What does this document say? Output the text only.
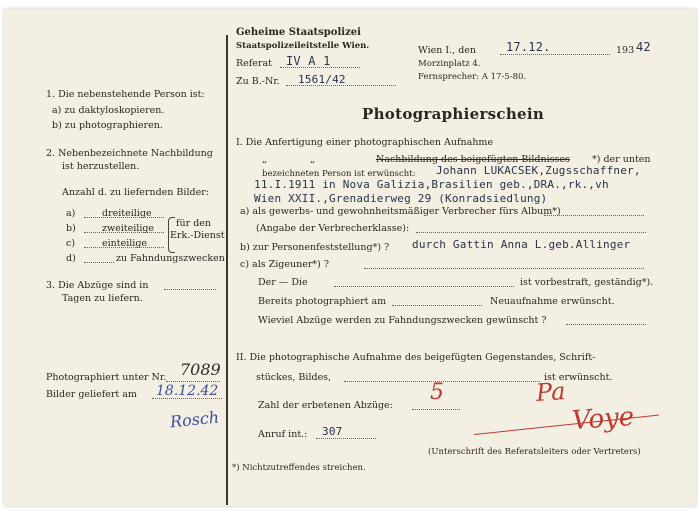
1. Die nebenstehende Person ist:
a) zu daktyloskopieren.
b) zu photographieren.
2. Nebenbezeichnete Nachbildung
ist herzustellen.
Anzahl d. zu liefernden Bilder:
a)	dreiteilige
b)	zweiteilige
c)	einteilige
für den
Erk.-Dienst
d)	zu Fahndungszwecken
3. Die Abzüge sind in
Tagen zu liefern.
Photographiert unter Nr. 7089
Bilder geliefert am 18.12.42
Rosch
*) Nichtzutreffendes streichen.
Geheime Staatspolizei
Staatspolizeileitstelle Wien.
Referat IV A 1
Zu B.-Nr. 1561/42
Wien I., den 17.12.	193 42
Morzinplatz 4.
Fernsprecher: A 17-5-80.
Photographierschein
I. Die Anfertigung einer photographischen Aufnahme
„	„	Nachbildung des beigefügten Bildnisses *) der unten
bezeichneten Person ist erwünscht: Johann LUKACSEK,Zugsschaffner,
11.I.1911 in Nova Galizia,Brasilien geb.,DRA.,rk.,vh
Wien XXII.,Grenadierweg 29 (Konradsiedlung)
a) als gewerbs- und gewohnheitsmäßiger Verbrecher fürs Album*)
(Angabe der Verbrecherklasse):
b) zur Personenfeststellung*) ? durch Gattin Anna L.geb.Allinger
c) als Zigeuner*) ?
Der — Die	ist vorbestraft, geständig*).
Bereits photographiert am	Neuaufnahme erwünscht.
Wieviel Abzüge werden zu Fahndungszwecken gewünscht ?
II. Die photographische Aufnahme des beigefügten Gegenstandes, Schrift-
stückes, Bildes,	ist erwünscht.
5
Zahl der erbetenen Abzüge:
Anruf int.: 307
Pa
Voye
(Unterschrift des Referatsleiters oder Vertreters)
